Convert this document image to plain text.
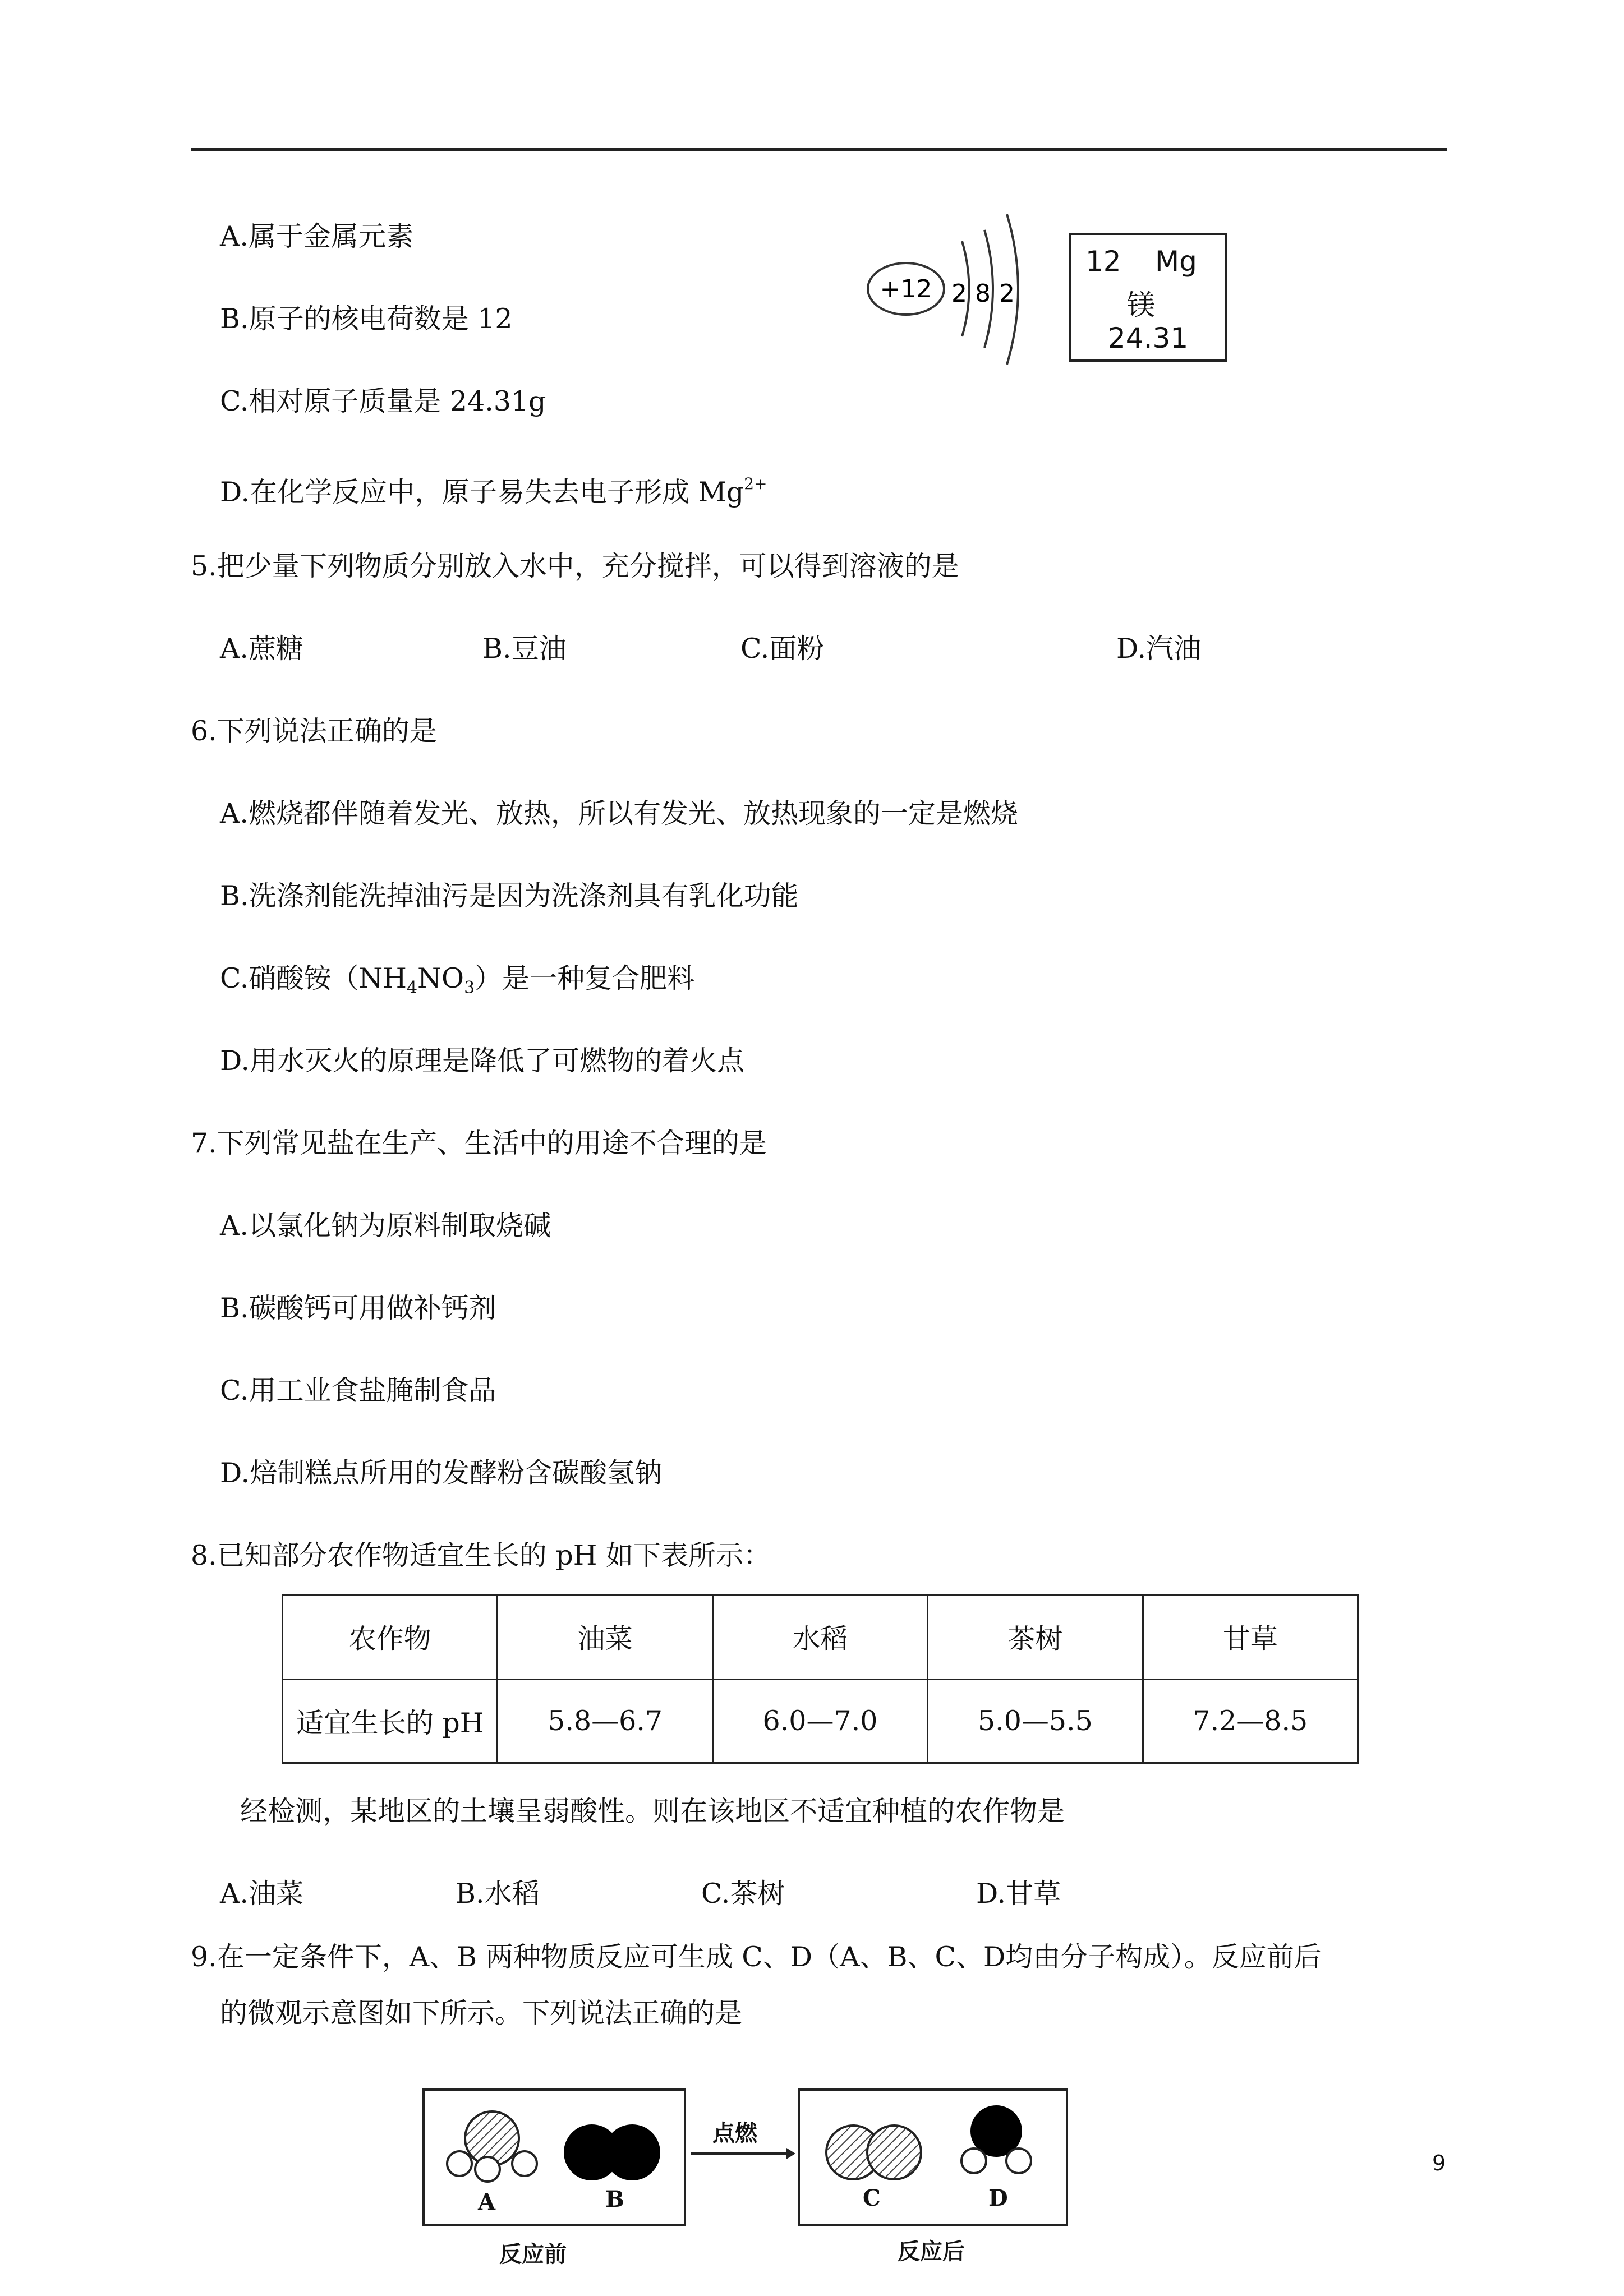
A.属于金属元素
B.原子的核电荷数是 12
C.相对原子质量是 24.31g
D.在化学反应中，原子易失去电子形成 $Mg^{2+}$
+12 2 8 2
12 Mg
镁
24.31
5.把少量下列物质分别放入水中，充分搅拌，可以得到溶液的是
A.蔗糖	B.豆油	C.面粉	D.汽油
6.下列说法正确的是
A.燃烧都伴随着发光、放热，所以有发光、放热现象的一定是燃烧
B.洗涤剂能洗掉油污是因为洗涤剂具有乳化功能
C.硝酸铵$(NH_4NO_3)$是一种复合肥料
D.用水灭火的原理是降低了可燃物的着火点
7.下列常见盐在生产、生活中的用途不合理的是
A.以氯化钠为原料制取烧碱
B.碳酸钙可用做补钙剂
C.用工业食盐腌制食品
D.焙制糕点所用的发酵粉含碳酸氢钠
8.已知部分农作物适宜生长的 pH 如下表所示：
农作物	油菜	水稻	茶树	甘草
适宜生长的 pH	5.8—6.7	6.0—7.0	5.0—5.5	7.2—8.5
经检测，某地区的土壤呈弱酸性。则在该地区不适宜种植的农作物是
A.油菜	B.水稻	C.茶树	D.甘草
9.在一定条件下，A、B 两种物质反应可生成 C、D（A、B、C、D均由分子构成）。反应前后
的微观示意图如下所示。下列说法正确的是
A	B
点燃
C	D
反应前	反应后
9
